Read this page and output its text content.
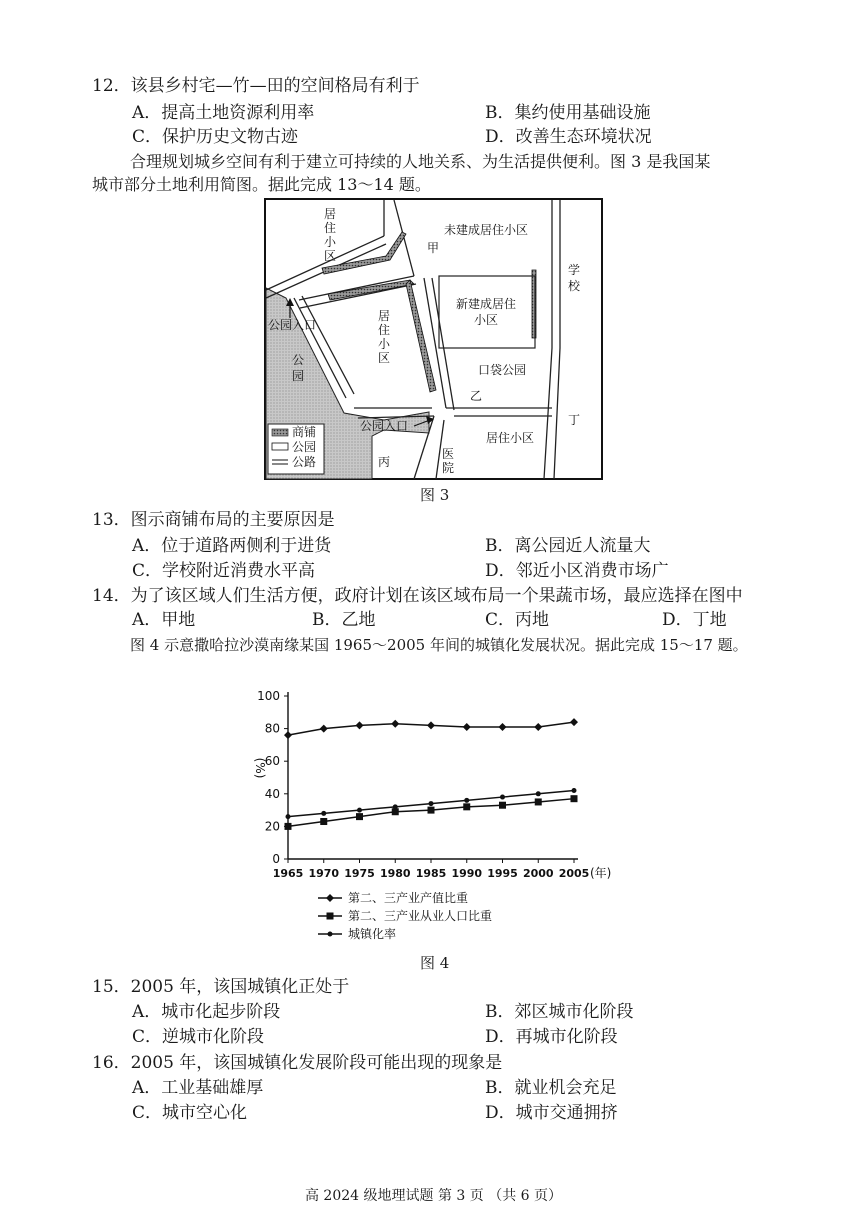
12．该县乡村宅—竹—田的空间格局有利于
A．提高土地资源利用率	B．集约使用基础设施
C．保护历史文物古迹	D．改善生态环境状况
合理规划城乡空间有利于建立可持续的人地关系、为生活提供便利。图 3 是我国某
城市部分土地利用简图。据此完成 13～14 题。
商铺
公园
公路
居
住
小
区
甲
未建成居住小区
学
校
新建成居住
小区
公园入口
居
住
小
区
公
园	口袋公园
乙
丁
公园入口
居住小区
丙
医
院
图 3
13．图示商铺布局的主要原因是
A．位于道路两侧利于进货	B．离公园近人流量大
C．学校附近消费水平高	D．邻近小区消费市场广
14．为了该区域人们生活方便，政府计划在该区域布局一个果蔬市场，最应选择在图中
A．甲地	B．乙地	C．丙地	D．丁地
图 4 示意撒哈拉沙漠南缘某国 1965～2005 年间的城镇化发展状况。据此完成 15～17 题。
0
20
40
60
80
100
1965 1970 1975 1980 1985 1990 1995 2000 2005 (年)
(%)
第二、三产业产值比重
第二、三产业从业人口比重
城镇化率
图 4
15．2005 年，该国城镇化正处于
A．城市化起步阶段	B．郊区城市化阶段
C．逆城市化阶段	D．再城市化阶段
16．2005 年，该国城镇化发展阶段可能出现的现象是
A．工业基础雄厚	B．就业机会充足
C．城市空心化	D．城市交通拥挤
高 2024 级地理试题 第 3 页 （共 6 页）
